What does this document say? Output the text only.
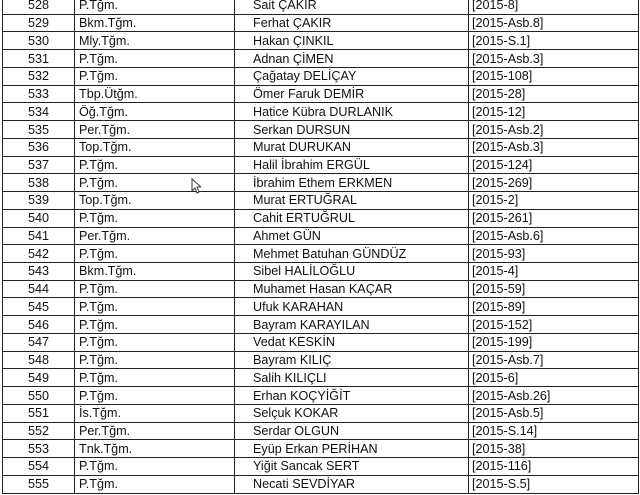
528	P.Tğm.	Sait ÇAKIR	[2015-8]
529	Bkm.Tğm.	Ferhat ÇAKIR	[2015-Asb.8]
530	Mly.Tğm.	Hakan ÇINKIL	[2015-S.1]
531	P.Tğm.	Adnan ÇİMEN	[2015-Asb.3]
532	P.Tğm.	Çağatay DELİÇAY	[2015-108]
533	Tbp.Ütğm.	Ömer Faruk DEMİR	[2015-28]
534	Öğ.Tğm.	Hatice Kübra DURLANIK	[2015-12]
535	Per.Tğm.	Serkan DURSUN	[2015-Asb.2]
536	Top.Tğm.	Murat DURUKAN	[2015-Asb.3]
537	P.Tğm.	Halil İbrahim ERGÜL	[2015-124]
538	P.Tğm.	İbrahim Ethem ERKMEN	[2015-269]
539	Top.Tğm.	Murat ERTUĞRAL	[2015-2]
540	P.Tğm.	Cahit ERTUĞRUL	[2015-261]
541	Per.Tğm.	Ahmet GÜN	[2015-Asb.6]
542	P.Tğm.	Mehmet Batuhan GÜNDÜZ	[2015-93]
543	Bkm.Tğm.	Sibel HALİLOĞLU	[2015-4]
544	P.Tğm.	Muhamet Hasan KAÇAR	[2015-59]
545	P.Tğm.	Ufuk KARAHAN	[2015-89]
546	P.Tğm.	Bayram KARAYILAN	[2015-152]
547	P.Tğm.	Vedat KESKİN	[2015-199]
548	P.Tğm.	Bayram KILIÇ	[2015-Asb.7]
549	P.Tğm.	Salih KILIÇLI	[2015-6]
550	P.Tğm.	Erhan KOÇYİĞİT	[2015-Asb.26]
551	İs.Tğm.	Selçuk KOKAR	[2015-Asb.5]
552	Per.Tğm.	Serdar OLGUN	[2015-S.14]
553	Tnk.Tğm.	Eyüp Erkan PERİHAN	[2015-38]
554	P.Tğm.	Yiğit Sancak SERT	[2015-116]
555	P.Tğm.	Necati SEVDİYAR	[2015-S.5]
